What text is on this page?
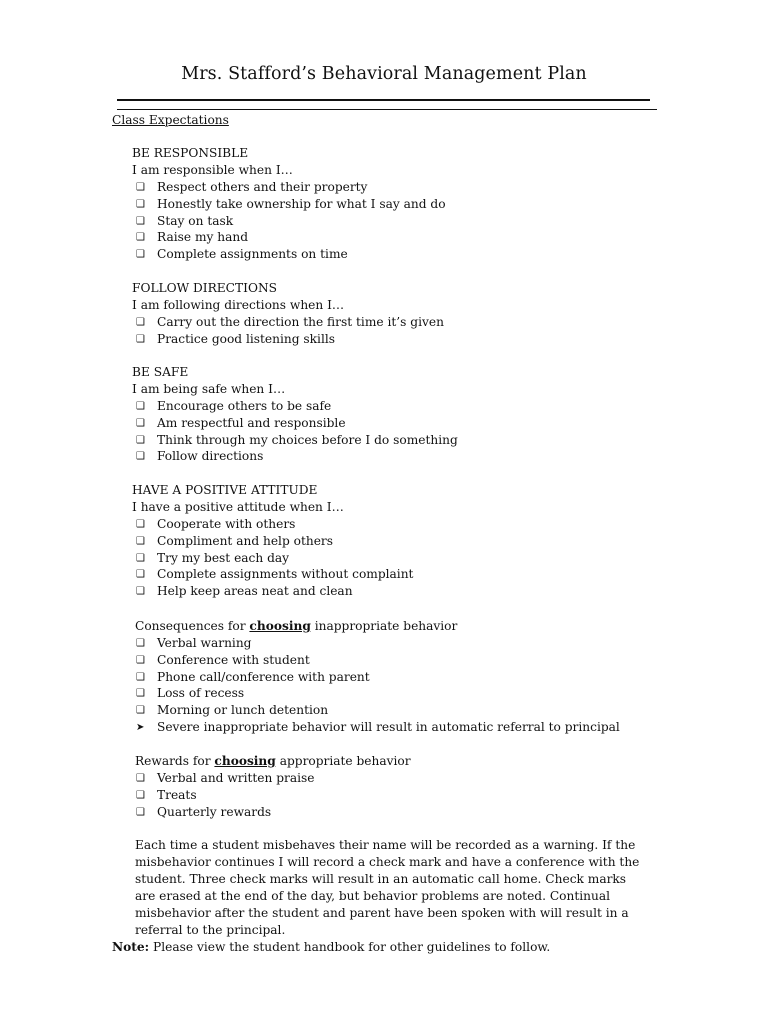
Mrs. Stafford’s Behavioral Management Plan
Class Expectations
BE RESPONSIBLE
I am responsible when I…
❑ Respect others and their property
❑ Honestly take ownership for what I say and do
❑ Stay on task
❑ Raise my hand
❑ Complete assignments on time
FOLLOW DIRECTIONS
I am following directions when I…
❑ Carry out the direction the first time it’s given
❑ Practice good listening skills
BE SAFE
I am being safe when I…
❑ Encourage others to be safe
❑ Am respectful and responsible
❑ Think through my choices before I do something
❑ Follow directions
HAVE A POSITIVE ATTITUDE
I have a positive attitude when I…
❑ Cooperate with others
❑ Compliment and help others
❑ Try my best each day
❑ Complete assignments without complaint
❑ Help keep areas neat and clean
Consequences for choosing inappropriate behavior
❑ Verbal warning
❑ Conference with student
❑ Phone call/conference with parent
❑ Loss of recess
❑ Morning or lunch detention
➤ Severe inappropriate behavior will result in automatic referral to principal
Rewards for choosing appropriate behavior
❑ Verbal and written praise
❑ Treats
❑ Quarterly rewards
Each time a student misbehaves their name will be recorded as a warning. If the misbehavior continues I will record a check mark and have a conference with the student. Three check marks will result in an automatic call home. Check marks are erased at the end of the day, but behavior problems are noted. Continual misbehavior after the student and parent have been spoken with will result in a referral to the principal.
Note: Please view the student handbook for other guidelines to follow.
